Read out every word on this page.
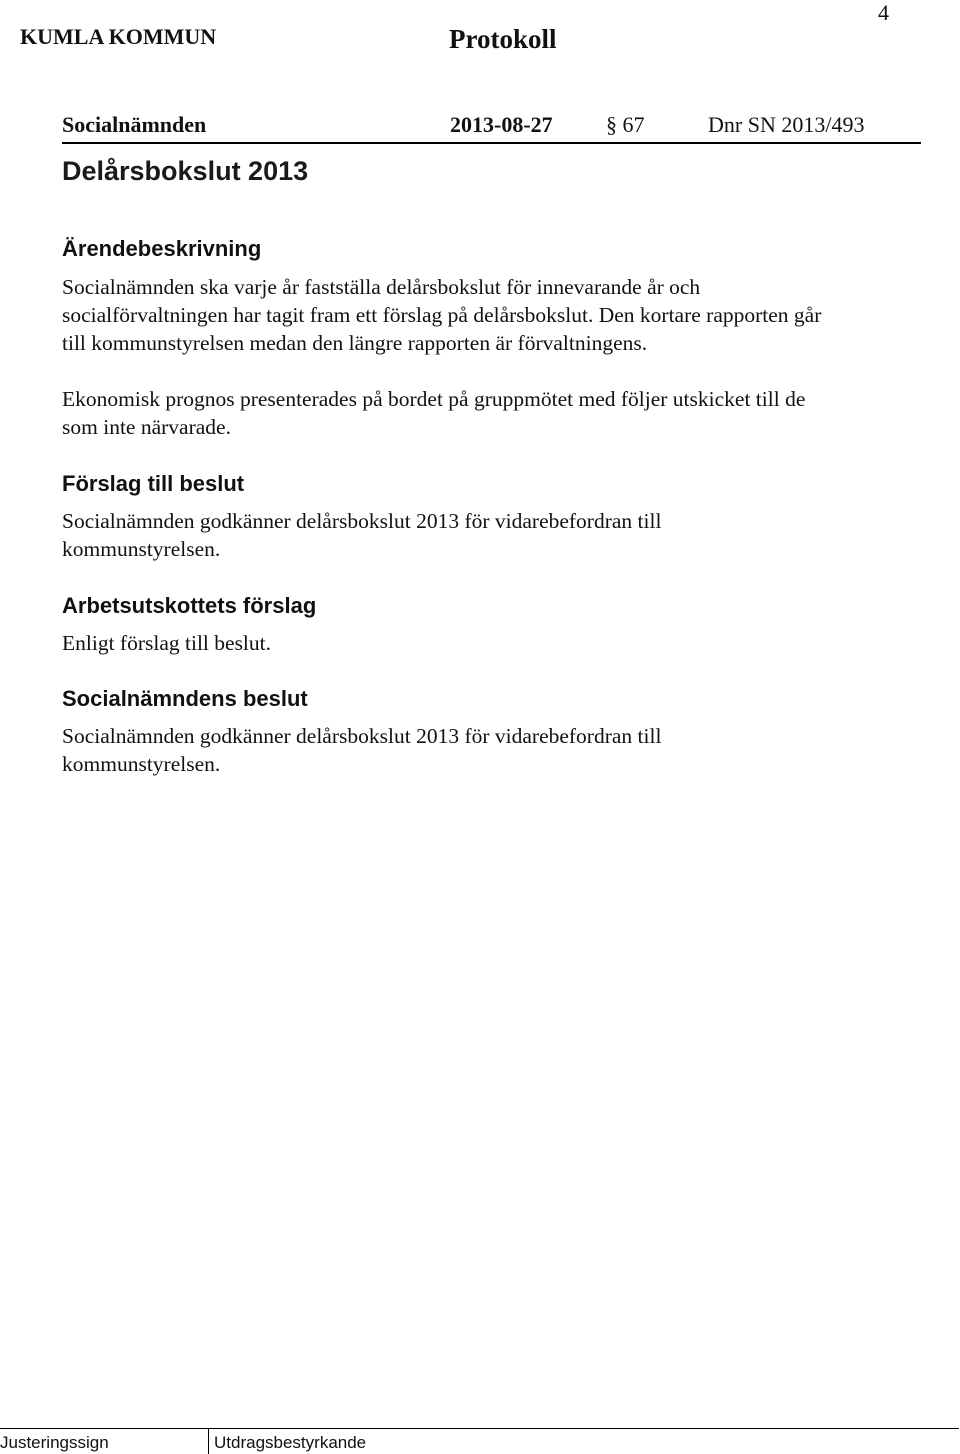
4
KUMLA KOMMUN	Protokoll
Socialnämnden	2013-08-27 § 67	Dnr SN 2013/493
Delårsbokslut 2013
Ärendebeskrivning

Socialnämnden ska varje år fastställa delårsbokslut för innevarande år och

socialförvaltningen har tagit fram ett förslag på delårsbokslut. Den kortare rapporten går

till kommunstyrelsen medan den längre rapporten är förvaltningens.

Ekonomisk prognos presenterades på bordet på gruppmötet med följer utskicket till de

som inte närvarade.

Förslag till beslut

Socialnämnden godkänner delårsbokslut 2013 för vidarebefordran till

kommunstyrelsen.

Arbetsutskottets förslag

Enligt förslag till beslut.

Socialnämndens beslut

Socialnämnden godkänner delårsbokslut 2013 för vidarebefordran till

kommunstyrelsen.

Justeringssign	Utdragsbestyrkande
